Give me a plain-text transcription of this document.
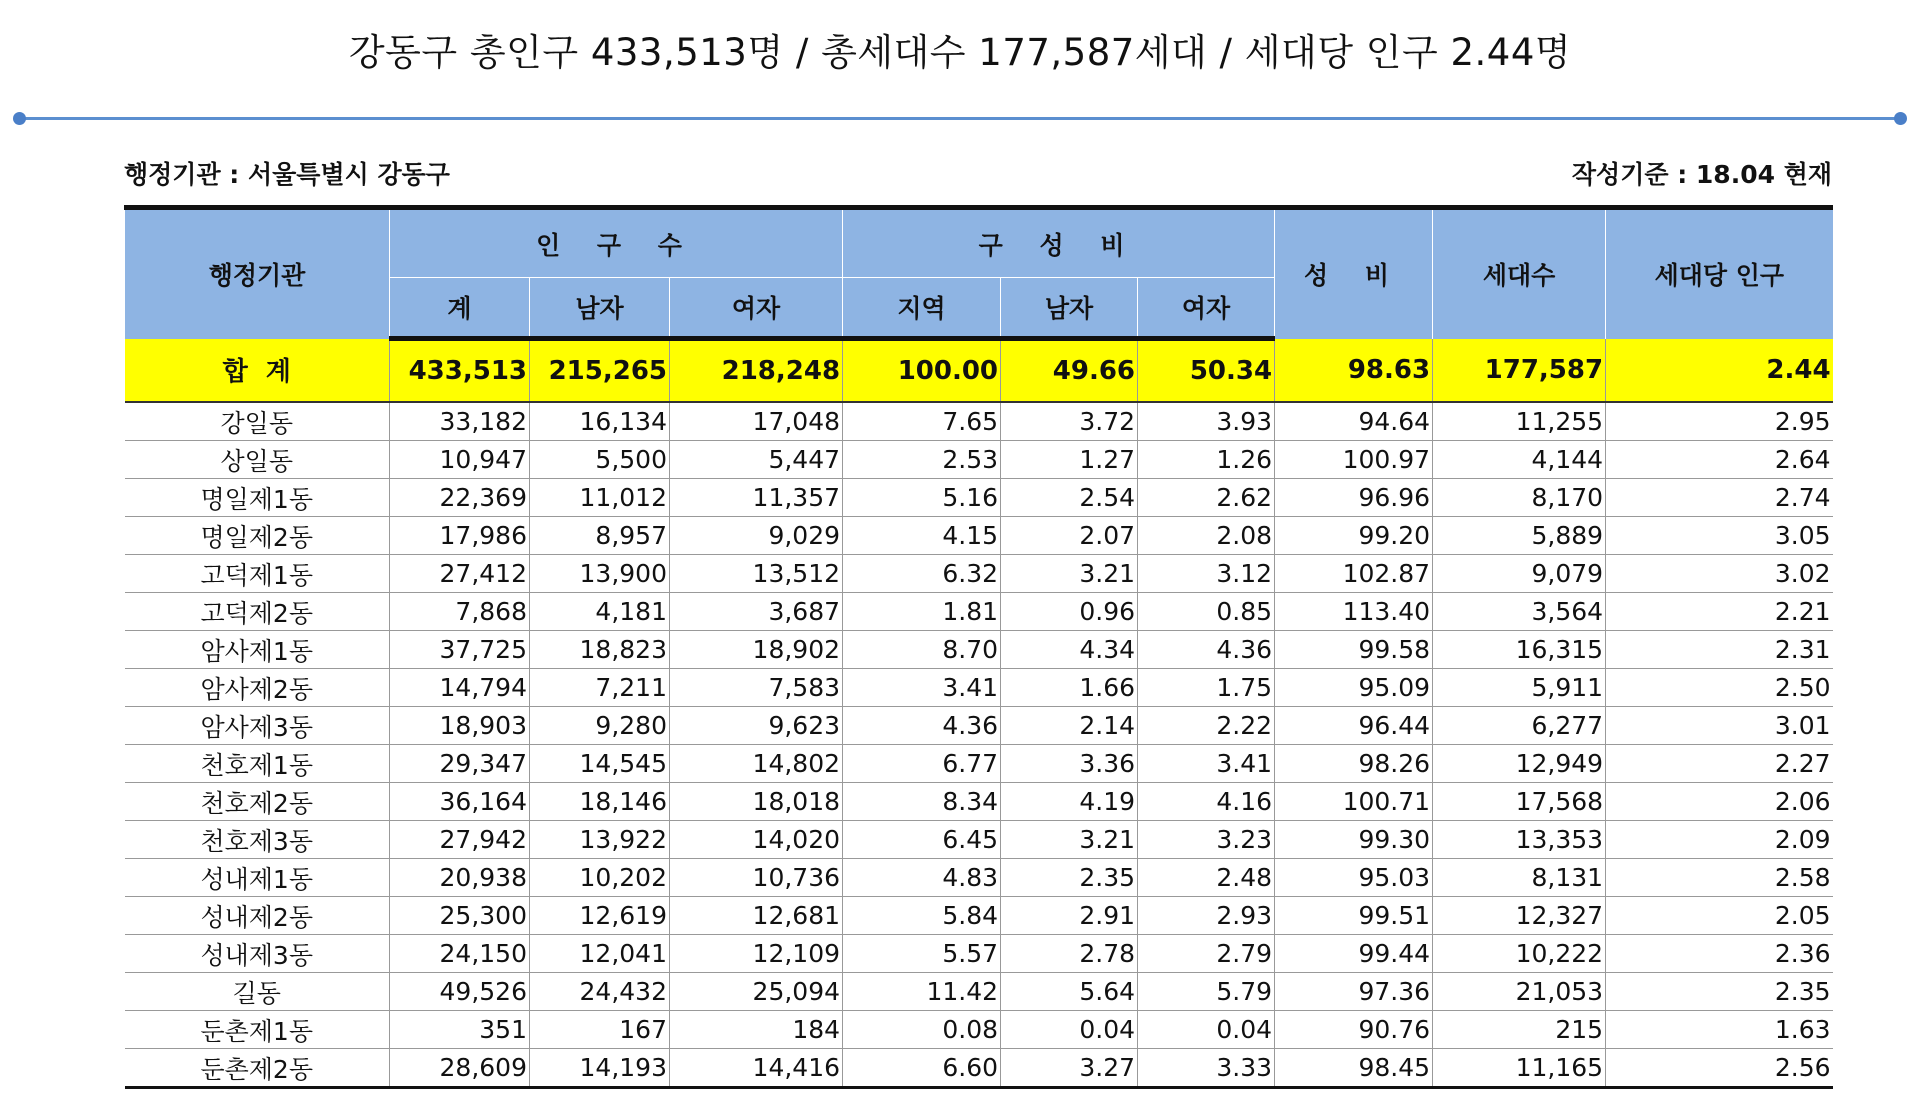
강동구 총인구 433,513명 / 총세대수 177,587세대 / 세대당 인구 2.44명
행정기관 : 서울특별시 강동구	작성기준 : 18.04 현재
행정기관	인 구 수			구 성 비			성 비	세대수	세대당 인구
	계	남자	여자	지역	남자	여자			
합  계	433,513	215,265	218,248	100.00	49.66	50.34	98.63	177,587	2.44
강일동	33,182	16,134	17,048	7.65	3.72	3.93	94.64	11,255	2.95
상일동	10,947	5,500	5,447	2.53	1.27	1.26	100.97	4,144	2.64
명일제1동	22,369	11,012	11,357	5.16	2.54	2.62	96.96	8,170	2.74
명일제2동	17,986	8,957	9,029	4.15	2.07	2.08	99.20	5,889	3.05
고덕제1동	27,412	13,900	13,512	6.32	3.21	3.12	102.87	9,079	3.02
고덕제2동	7,868	4,181	3,687	1.81	0.96	0.85	113.40	3,564	2.21
암사제1동	37,725	18,823	18,902	8.70	4.34	4.36	99.58	16,315	2.31
암사제2동	14,794	7,211	7,583	3.41	1.66	1.75	95.09	5,911	2.50
암사제3동	18,903	9,280	9,623	4.36	2.14	2.22	96.44	6,277	3.01
천호제1동	29,347	14,545	14,802	6.77	3.36	3.41	98.26	12,949	2.27
천호제2동	36,164	18,146	18,018	8.34	4.19	4.16	100.71	17,568	2.06
천호제3동	27,942	13,922	14,020	6.45	3.21	3.23	99.30	13,353	2.09
성내제1동	20,938	10,202	10,736	4.83	2.35	2.48	95.03	8,131	2.58
성내제2동	25,300	12,619	12,681	5.84	2.91	2.93	99.51	12,327	2.05
성내제3동	24,150	12,041	12,109	5.57	2.78	2.79	99.44	10,222	2.36
길동	49,526	24,432	25,094	11.42	5.64	5.79	97.36	21,053	2.35
둔촌제1동	351	167	184	0.08	0.04	0.04	90.76	215	1.63
둔촌제2동	28,609	14,193	14,416	6.60	3.27	3.33	98.45	11,165	2.56
